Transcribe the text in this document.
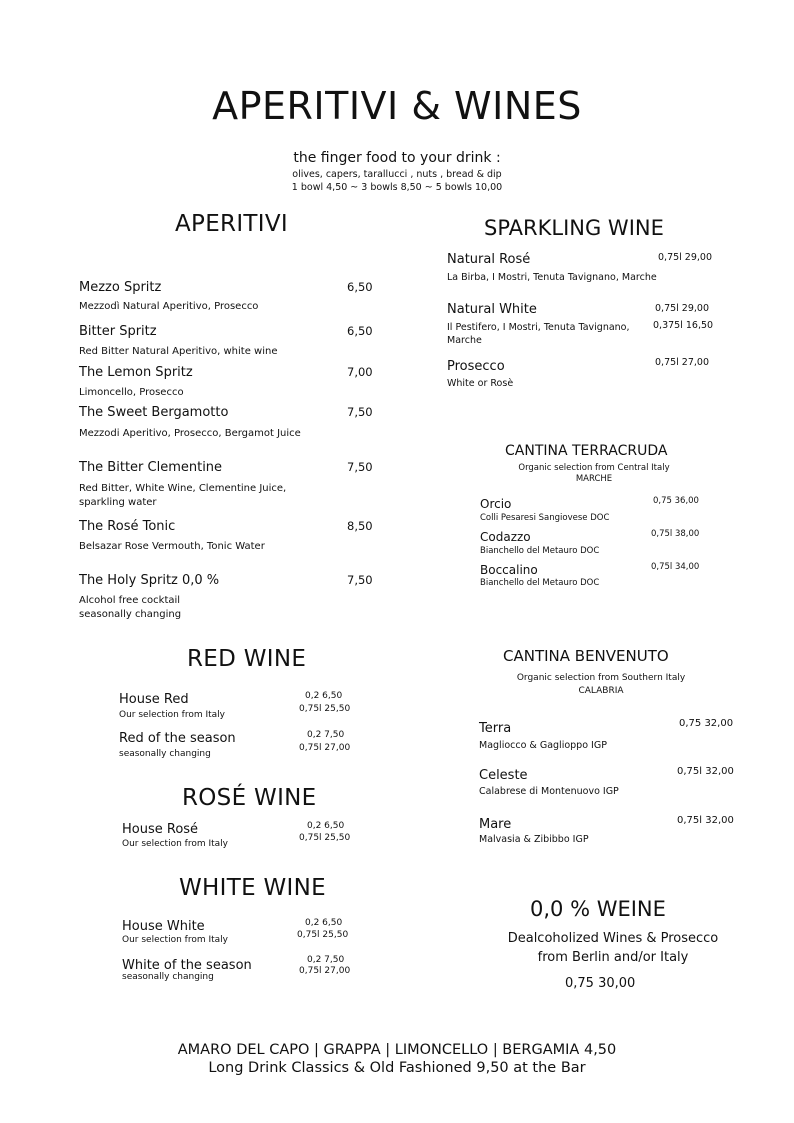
APERITIVI & WINES
the finger food to your drink :
olives, capers, tarallucci , nuts , bread & dip
1 bowl 4,50 ~ 3 bowls 8,50 ~ 5 bowls 10,00
APERITIVI
Mezzo Spritz	6,50
Mezzodì Natural Aperitivo, Prosecco
Bitter Spritz	6,50
Red Bitter Natural Aperitivo, white wine
The Lemon Spritz	7,00
Limoncello, Prosecco
The Sweet Bergamotto	7,50
Mezzodi Aperitivo, Prosecco, Bergamot Juice
The Bitter Clementine	7,50
Red Bitter, White Wine, Clementine Juice, sparkling water
The Rosé Tonic	8,50
Belsazar Rose Vermouth, Tonic Water
The Holy Spritz 0,0 %	7,50
Alcohol free cocktail seasonally changing
SPARKLING WINE
Natural Rosé	0,75l 29,00
La Birba, I Mostri, Tenuta Tavignano, Marche
Natural White	0,75l 29,00
0,375l 16,50
Il Pestifero, I Mostri, Tenuta Tavignano, Marche
Prosecco	0,75l 27,00
White or Rosè
CANTINA TERRACRUDA
Organic selection from Central Italy
MARCHE
Orcio	0,75 36,00
Colli Pesaresi Sangiovese DOC
Codazzo	0,75l 38,00
Bianchello del Metauro DOC
Boccalino	0,75l 34,00
Bianchello del Metauro DOC
RED WINE
House Red
Our selection from Italy
0,2 6,50
0,75l 25,50
Red of the season
seasonally changing
0,2 7,50
0,75l 27,00
ROSÉ WINE
House Rosé
Our selection from Italy
0,2 6,50
0,75l 25,50
WHITE WINE
House White
Our selection from Italy
0,2 6,50
0,75l 25,50
White of the season
seasonally changing
0,2 7,50
0,75l 27,00
CANTINA BENVENUTO
Organic selection from Southern Italy
CALABRIA
Terra	0,75 32,00
Magliocco & Gaglioppo IGP
Celeste	0,75l 32,00
Calabrese di Montenuovo IGP
Mare	0,75l 32,00
Malvasia & Zibibbo IGP
0,0 % WEINE
Dealcoholized Wines & Prosecco
from Berlin and/or Italy
0,75 30,00
AMARO DEL CAPO | GRAPPA | LIMONCELLO | BERGAMIA 4,50
Long Drink Classics & Old Fashioned 9,50 at the Bar
